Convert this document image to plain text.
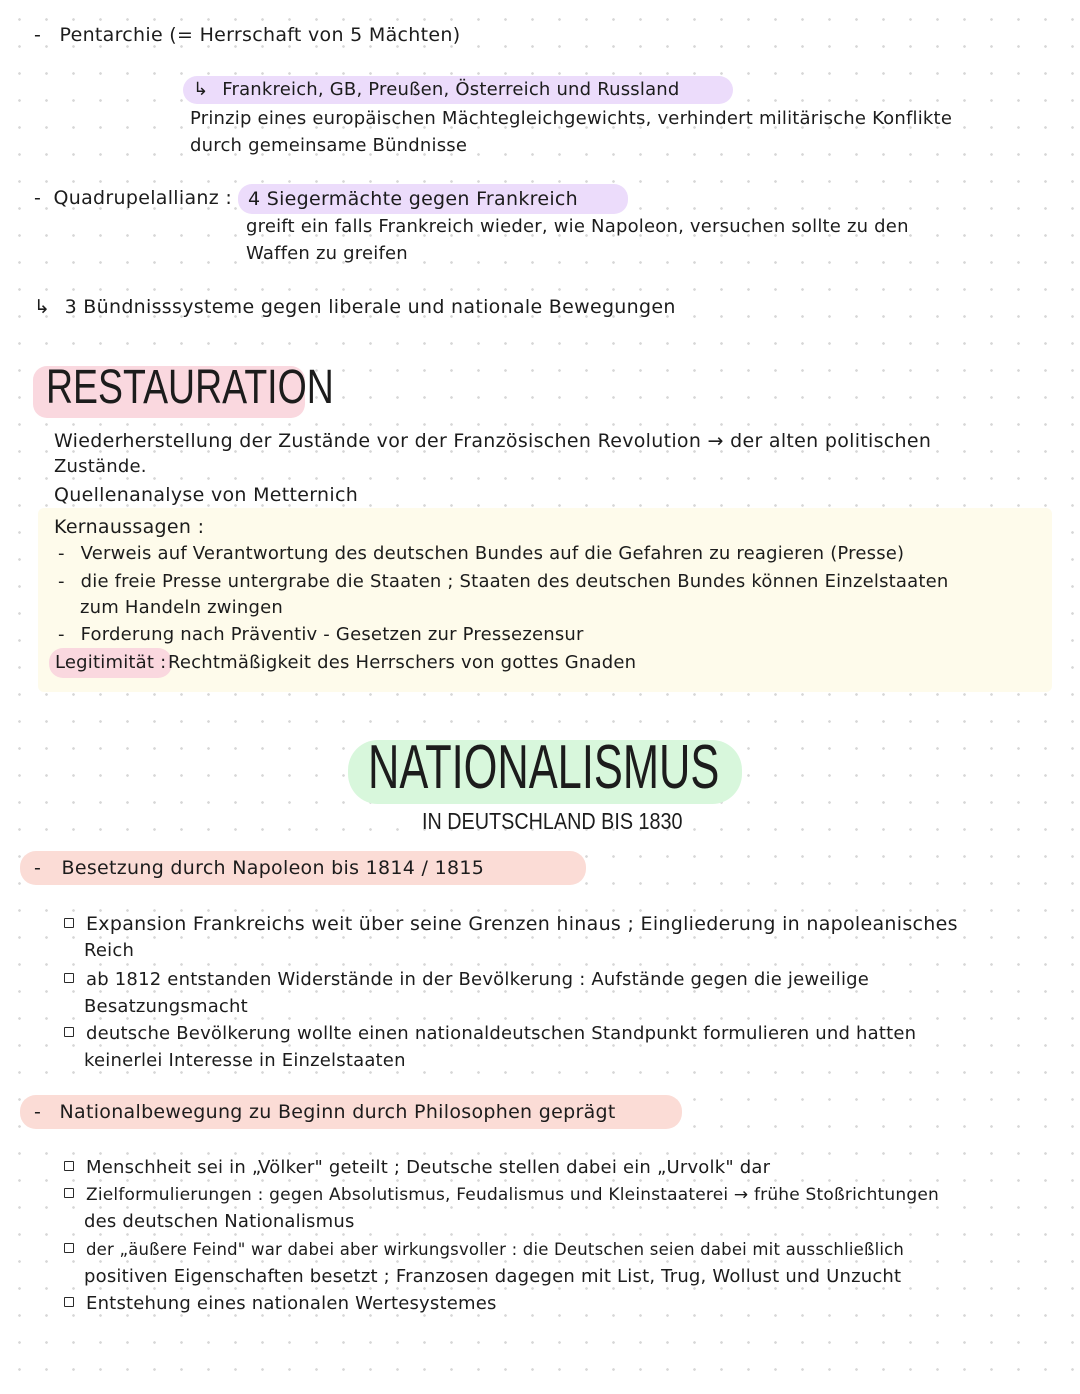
- Pentarchie (= Herrschaft von 5 Mächten)
↳ Frankreich, GB, Preußen, Österreich und Russland
Prinzip eines europäischen Mächtegleichgewichts, verhindert militärische Konflikte
durch gemeinsame Bündnisse
- Quadrupelallianz : 4 Siegermächte gegen Frankreich
greift ein falls Frankreich wieder, wie Napoleon, versuchen sollte zu den
Waffen zu greifen
↳ 3 Bündnisssysteme gegen liberale und nationale Bewegungen
RESTAURATION
Wiederherstellung der Zustände vor der Französischen Revolution → der alten politischen
Zustände.
Quellenanalyse von Metternich
Kernaussagen :
- Verweis auf Verantwortung des deutschen Bundes auf die Gefahren zu reagieren (Presse)
- die freie Presse untergrabe die Staaten ; Staaten des deutschen Bundes können Einzelstaaten
zum Handeln zwingen
- Forderung nach Präventiv - Gesetzen zur Pressezensur
Legitimität : Rechtmäßigkeit des Herrschers von gottes Gnaden
NATIONALISMUS
IN DEUTSCHLAND BIS 1830
- Besetzung durch Napoleon bis 1814 / 1815
Expansion Frankreichs weit über seine Grenzen hinaus ; Eingliederung in napoleanisches
Reich
ab 1812 entstanden Widerstände in der Bevölkerung : Aufstände gegen die jeweilige
Besatzungsmacht
deutsche Bevölkerung wollte einen nationaldeutschen Standpunkt formulieren und hatten
keinerlei Interesse in Einzelstaaten
- Nationalbewegung zu Beginn durch Philosophen geprägt
Menschheit sei in „Völker" geteilt ; Deutsche stellen dabei ein „Urvolk" dar
Zielformulierungen : gegen Absolutismus, Feudalismus und Kleinstaaterei → frühe Stoßrichtungen
des deutschen Nationalismus
der „äußere Feind" war dabei aber wirkungsvoller : die Deutschen seien dabei mit ausschließlich
positiven Eigenschaften besetzt ; Franzosen dagegen mit List, Trug, Wollust und Unzucht
Entstehung eines nationalen Wertesystemes
